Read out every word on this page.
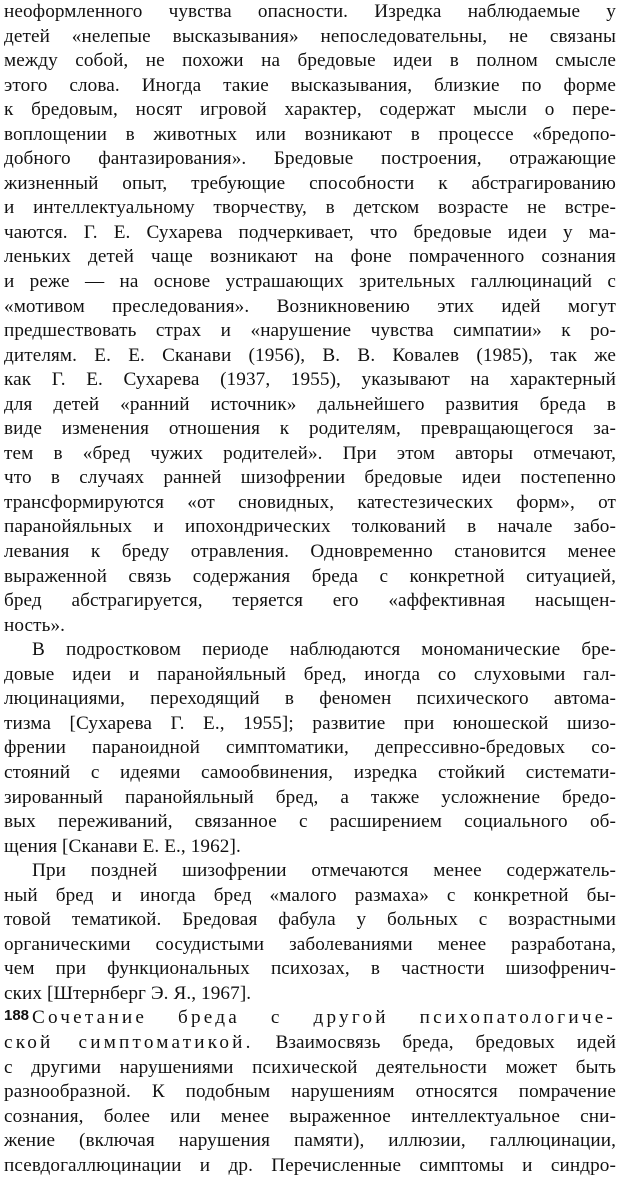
неоформленного чувства опасности. Изредка наблюдаемые у
детей «нелепые высказывания» непоследовательны, не связаны
между собой, не похожи на бредовые идеи в полном смысле
этого слова. Иногда такие высказывания, близкие по форме
к бредовым, носят игровой характер, содержат мысли о пере-
воплощении в животных или возникают в процессе «бредопо-
добного фантазирования». Бредовые построения, отражающие
жизненный опыт, требующие способности к абстрагированию
и интеллектуальному творчеству, в детском возрасте не встре-
чаются. Г. Е. Сухарева подчеркивает, что бредовые идеи у ма-
леньких детей чаще возникают на фоне помраченного сознания
и реже — на основе устрашающих зрительных галлюцинаций с
«мотивом преследования». Возникновению этих идей могут
предшествовать страх и «нарушение чувства симпатии» к ро-
дителям. Е. Е. Сканави (1956), В. В. Ковалев (1985), так же
как Г. Е. Сухарева (1937, 1955), указывают на характерный
для детей «ранний источник» дальнейшего развития бреда в
виде изменения отношения к родителям, превращающегося за-
тем в «бред чужих родителей». При этом авторы отмечают,
что в случаях ранней шизофрении бредовые идеи постепенно
трансформируются «от сновидных, катестезических форм», от
паранойяльных и ипохондрических толкований в начале забо-
левания к бреду отравления. Одновременно становится менее
выраженной связь содержания бреда с конкретной ситуацией,
бред абстрагируется, теряется его «аффективная насыщен-
ность».
В подростковом периоде наблюдаются мономанические бре-
довые идеи и паранойяльный бред, иногда со слуховыми гал-
люцинациями, переходящий в феномен психического автома-
тизма [Сухарева Г. Е., 1955]; развитие при юношеской шизо-
френии параноидной симптоматики, депрессивно-бредовых со-
стояний с идеями самообвинения, изредка стойкий системати-
зированный паранойяльный бред, а также усложнение бредо-
вых переживаний, связанное с расширением социального об-
щения [Сканави Е. Е., 1962].
При поздней шизофрении отмечаются менее содержатель-
ный бред и иногда бред «малого размаха» с конкретной бы-
товой тематикой. Бредовая фабула у больных с возрастными
органическими сосудистыми заболеваниями менее разработана,
чем при функциональных психозах, в частности шизофренич-
ских [Штернберг Э. Я., 1967].
Сочетание бреда с другой психопатологиче-
ской симптоматикой. Взаимосвязь бреда, бредовых идей
с другими нарушениями психической деятельности может быть
разнообразной. К подобным нарушениям относятся помрачение
сознания, более или менее выраженное интеллектуальное сни-
жение (включая нарушения памяти), иллюзии, галлюцинации,
псевдогаллюцинации и др. Перечисленные симптомы и синдро-
188
